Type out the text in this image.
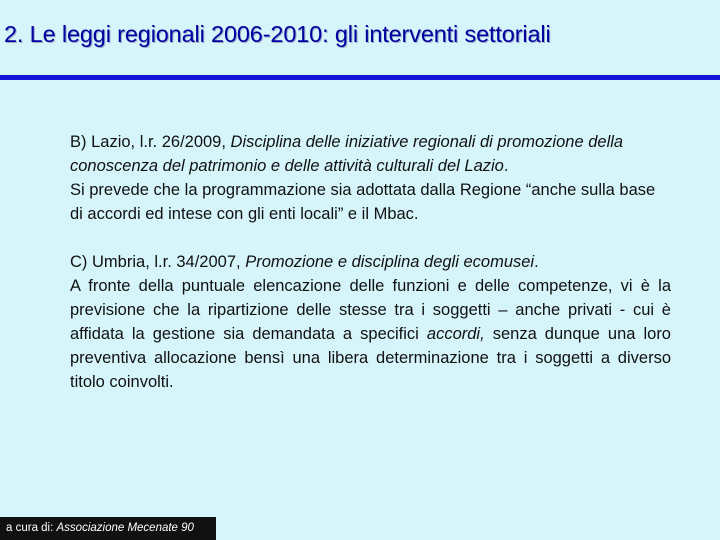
2. Le leggi regionali 2006-2010: gli interventi settoriali

B) Lazio, l.r. 26/2009, Disciplina delle iniziative regionali di promozione della conoscenza del patrimonio e delle attività culturali del Lazio.

Si prevede che la programmazione sia adottata dalla Regione “anche sulla base di accordi ed intese con gli enti locali” e il Mbac.

C) Umbria, l.r. 34/2007, Promozione e disciplina degli ecomusei.

A fronte della puntuale elencazione delle funzioni e delle competenze, vi è la previsione che la ripartizione delle stesse tra i soggetti – anche privati - cui è affidata la gestione sia demandata a specifici accordi, senza dunque una loro preventiva allocazione bensì una libera determinazione tra i soggetti a diverso titolo coinvolti.

a cura di: Associazione Mecenate 90
